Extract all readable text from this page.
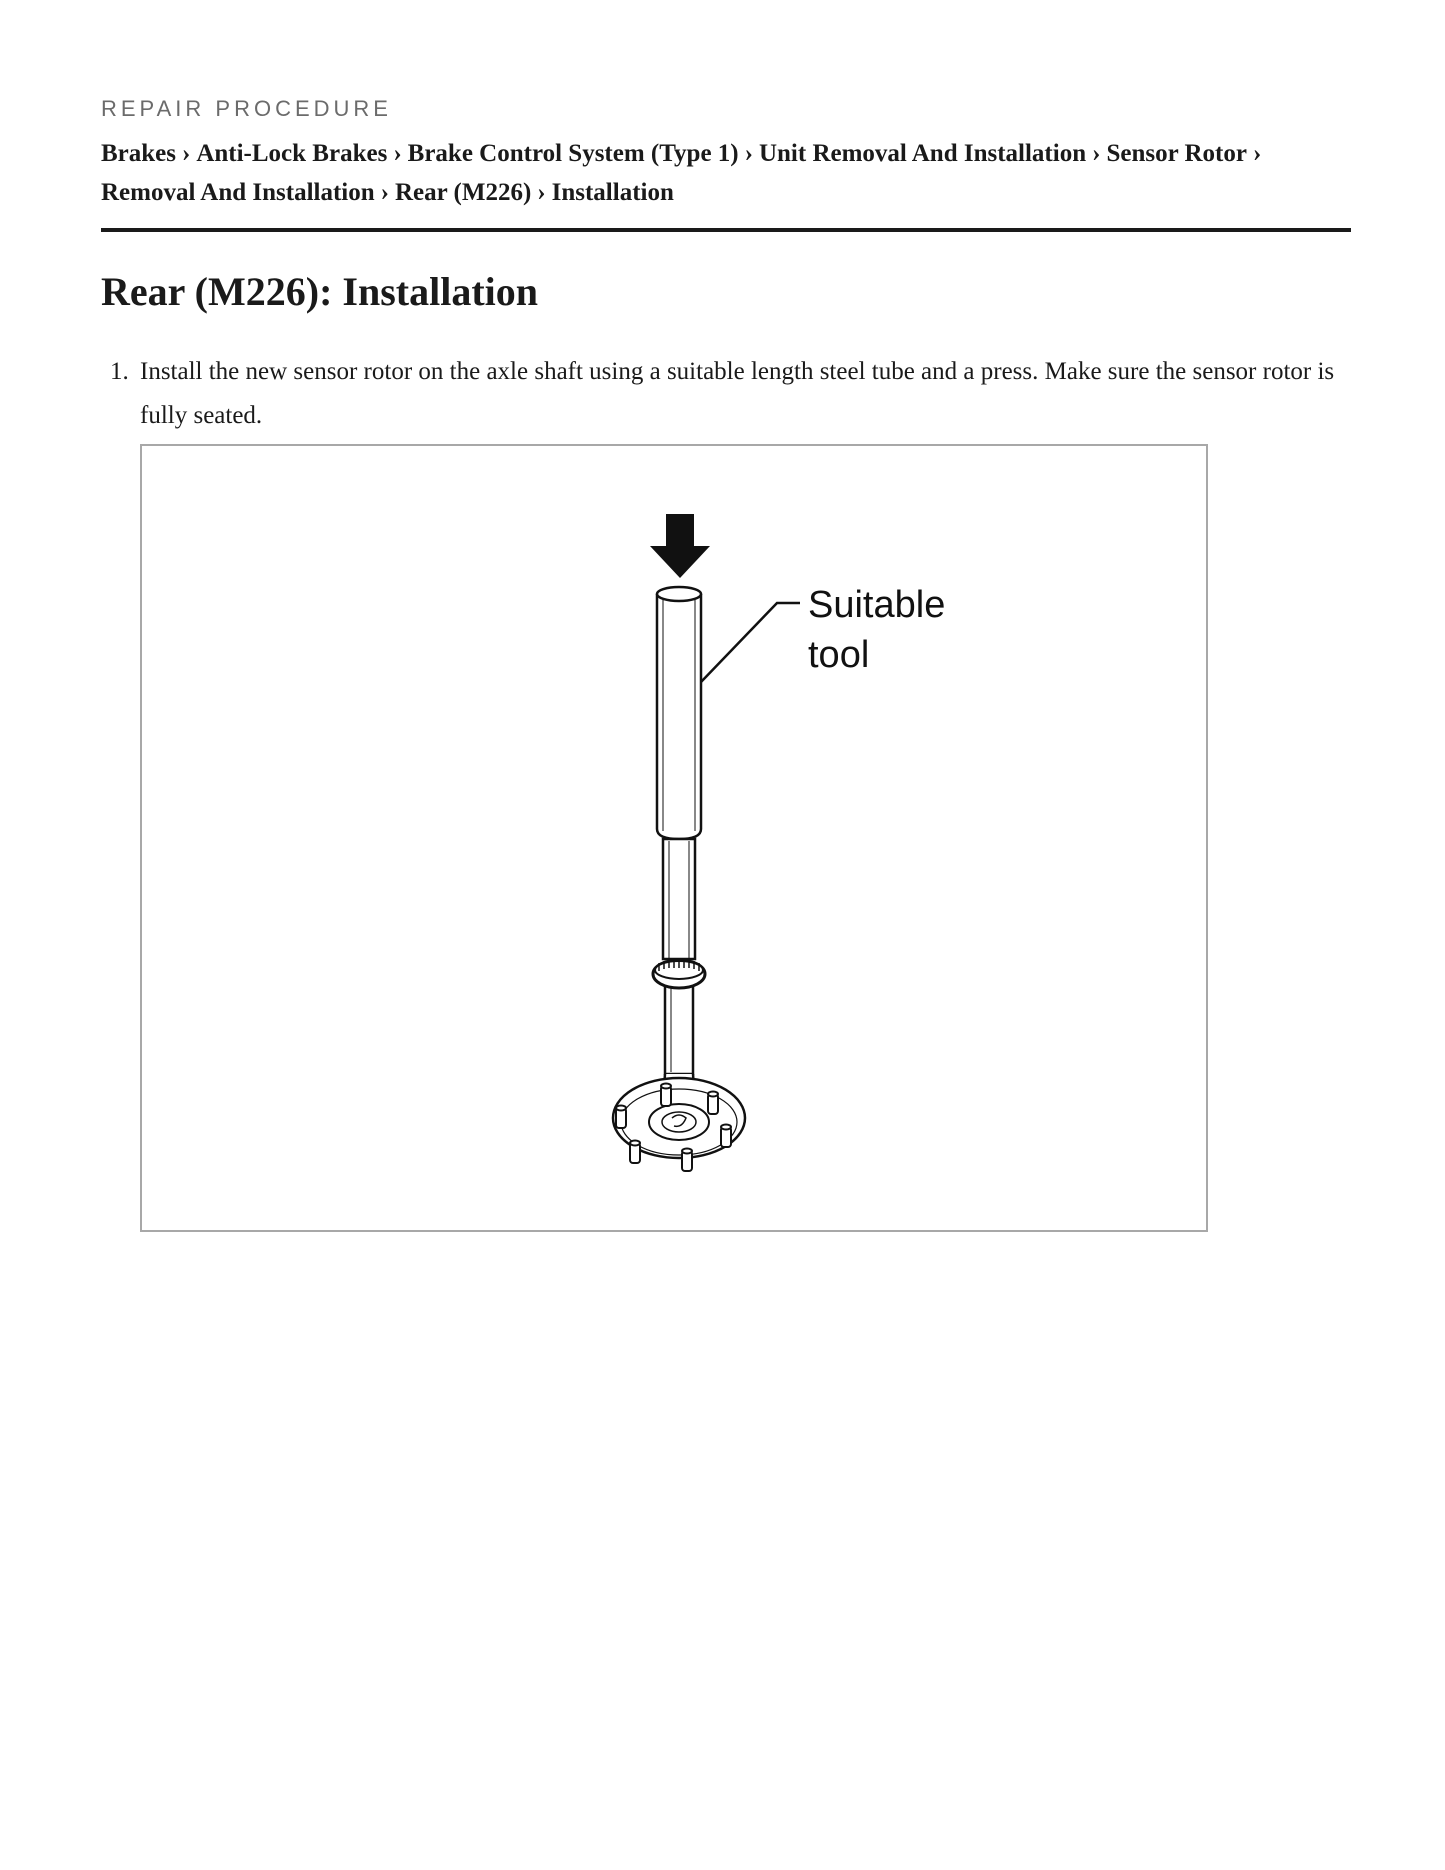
REPAIR PROCEDURE

Brakes › Anti-Lock Brakes › Brake Control System (Type 1) › Unit Removal And Installation › Sensor Rotor ›
Removal And Installation › Rear (M226) › Installation

Rear (M226): Installation
1. Install the new sensor rotor on the axle shaft using a suitable length steel tube and a press. Make sure the sensor rotor is fully seated.
Suitable
tool
